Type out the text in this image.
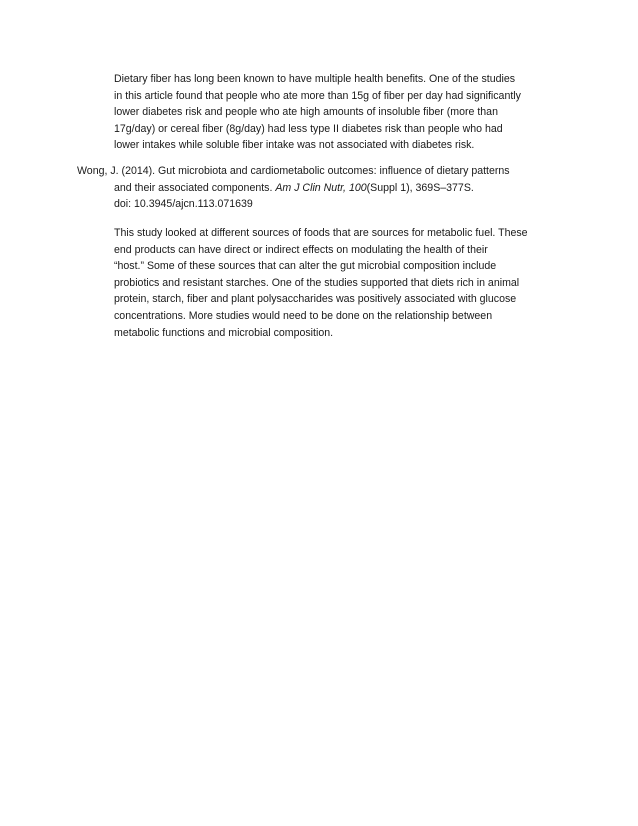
Dietary fiber has long been known to have multiple health benefits. One of the studies
in this article found that people who ate more than 15g of fiber per day had significantly
lower diabetes risk and people who ate high amounts of insoluble fiber (more than
17g/day) or cereal fiber (8g/day) had less type II diabetes risk than people who had
lower intakes while soluble fiber intake was not associated with diabetes risk.

Wong, J. (2014). Gut microbiota and cardiometabolic outcomes: influence of dietary patterns
and their associated components. Am J Clin Nutr, 100(Suppl 1), 369S–377S.
doi: 10.3945/ajcn.113.071639

This study looked at different sources of foods that are sources for metabolic fuel. These
end products can have direct or indirect effects on modulating the health of their
“host.” Some of these sources that can alter the gut microbial composition include
probiotics and resistant starches. One of the studies supported that diets rich in animal
protein, starch, fiber and plant polysaccharides was positively associated with glucose
concentrations. More studies would need to be done on the relationship between
metabolic functions and microbial composition.
